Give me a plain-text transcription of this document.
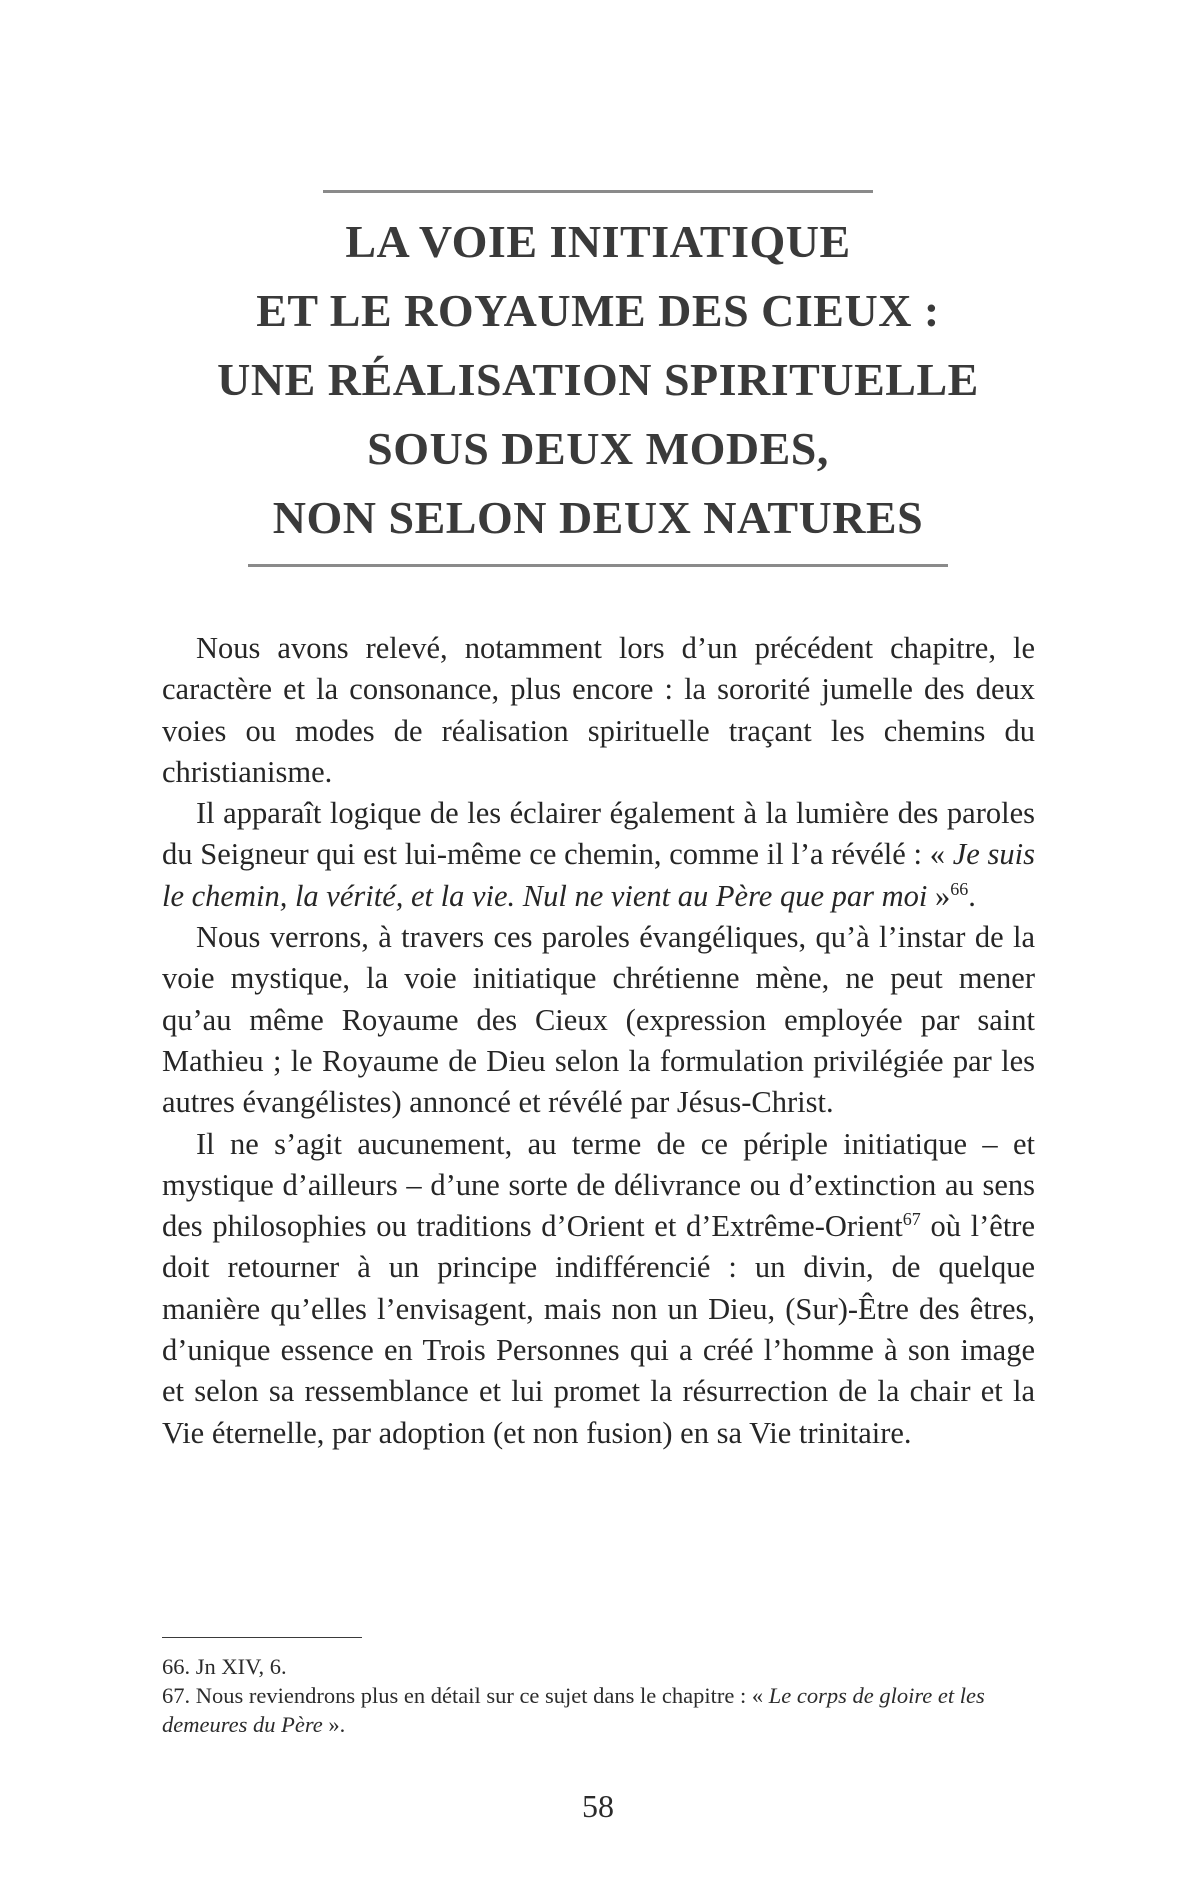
LA VOIE INITIATIQUE
ET LE ROYAUME DES CIEUX :
UNE RÉALISATION SPIRITUELLE
SOUS DEUX MODES,
NON SELON DEUX NATURES

Nous avons relevé, notamment lors d’un précédent chapitre, le caractère et la consonance, plus encore : la sororité jumelle des deux voies ou modes de réalisation spirituelle traçant les chemins du christianisme.

Il apparaît logique de les éclairer également à la lumière des paroles du Seigneur qui est lui-même ce chemin, comme il l’a révélé : « Je suis le chemin, la vérité, et la vie. Nul ne vient au Père que par moi »$^{66}$.

Nous verrons, à travers ces paroles évangéliques, qu’à l’instar de la voie mystique, la voie initiatique chrétienne mène, ne peut mener qu’au même Royaume des Cieux (expression employée par saint Mathieu ; le Royaume de Dieu selon la formulation privilégiée par les autres évangélistes) annoncé et révélé par Jésus-Christ.

Il ne s’agit aucunement, au terme de ce périple initiatique – et mystique d’ailleurs – d’une sorte de délivrance ou d’extinction au sens des philosophies ou traditions d’Orient et d’Extrême-Orient$^{67}$ où l’être doit retourner à un principe indifférencié : un divin, de quelque manière qu’elles l’envisagent, mais non un Dieu, (Sur)-Être des êtres, d’unique essence en Trois Personnes qui a créé l’homme à son image et selon sa ressemblance et lui promet la résurrection de la chair et la Vie éternelle, par adoption (et non fusion) en sa Vie trinitaire.

66. Jn XIV, 6.

67. Nous reviendrons plus en détail sur ce sujet dans le chapitre : « Le corps de gloire et les demeures du Père ».

58
